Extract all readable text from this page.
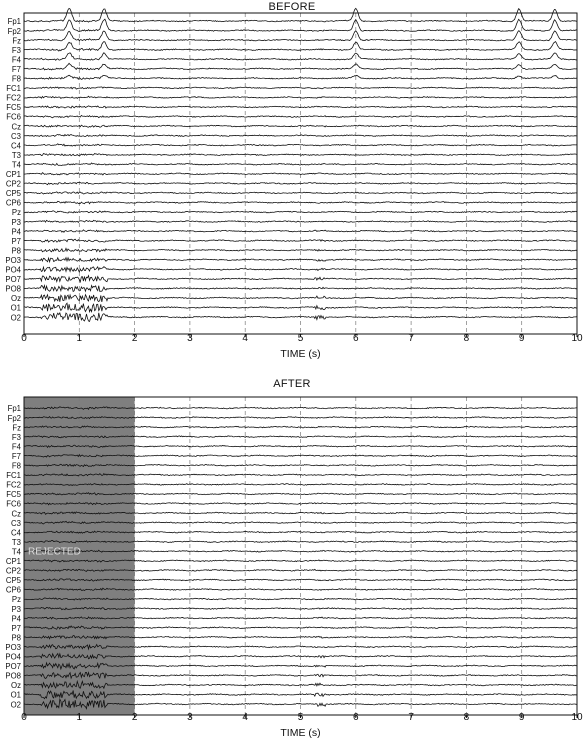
BEFORE
AFTER
Fp1
Fp2
Fz
F3
F4
F7
F8
FC1
FC2
FC5
FC6
Cz
C3
C4
T3
T4
CP1
CP2
CP5
CP6
Pz
P3
P4
P7
P8
PO3
PO4
PO7
PO8
Oz
O1
O2
0	1	2	3	4	5	6	7	8	9	10
TIME (s)
Fp1
Fp2
Fz
F3
F4
F7
F8
FC1
FC2
FC5
FC6
Cz
C3
C4
T3
T4
CP1
CP2
CP5
CP6
Pz
P3
P4
P7
P8
PO3
PO4
PO7
PO8
Oz
O1
O2
0	1	2	3	4	5	6	7	8	9	10
TIME (s)
REJECTED
